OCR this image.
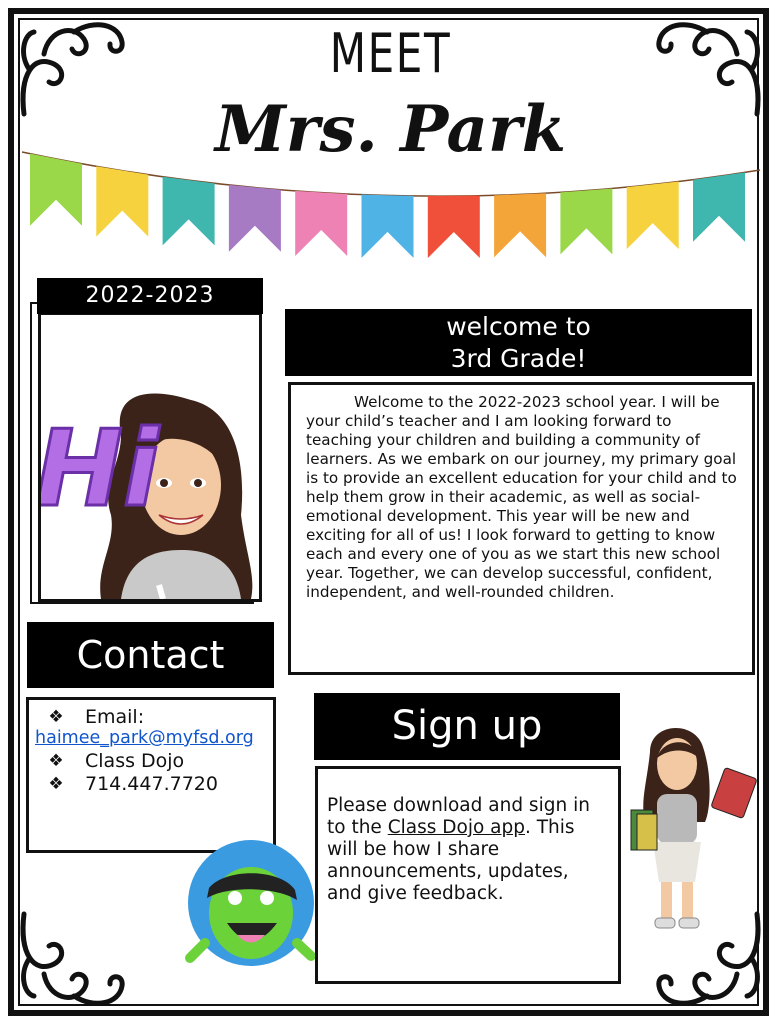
MEET
Mrs. Park
Hi
2022-2023
welcome to
3rd Grade!

Welcome to the 2022-2023 school year. I will be your child’s teacher and I am looking forward to teaching your children and building a community of learners. As we embark on our journey, my primary goal is to provide an excellent education for your child and to help them grow in their academic, as well as social-emotional development. This year will be new and exciting for all of us! I look forward to getting to know each and every one of you as we start this new school year. Together, we can develop successful, confident, independent, and well-rounded children.

Contact
❖	Email:
haimee_park@myfsd.org
❖	Class Dojo
❖	714.447.7720
Sign up
Please download and sign in to the Class Dojo app. This will be how I share announcements, updates, and give feedback.
